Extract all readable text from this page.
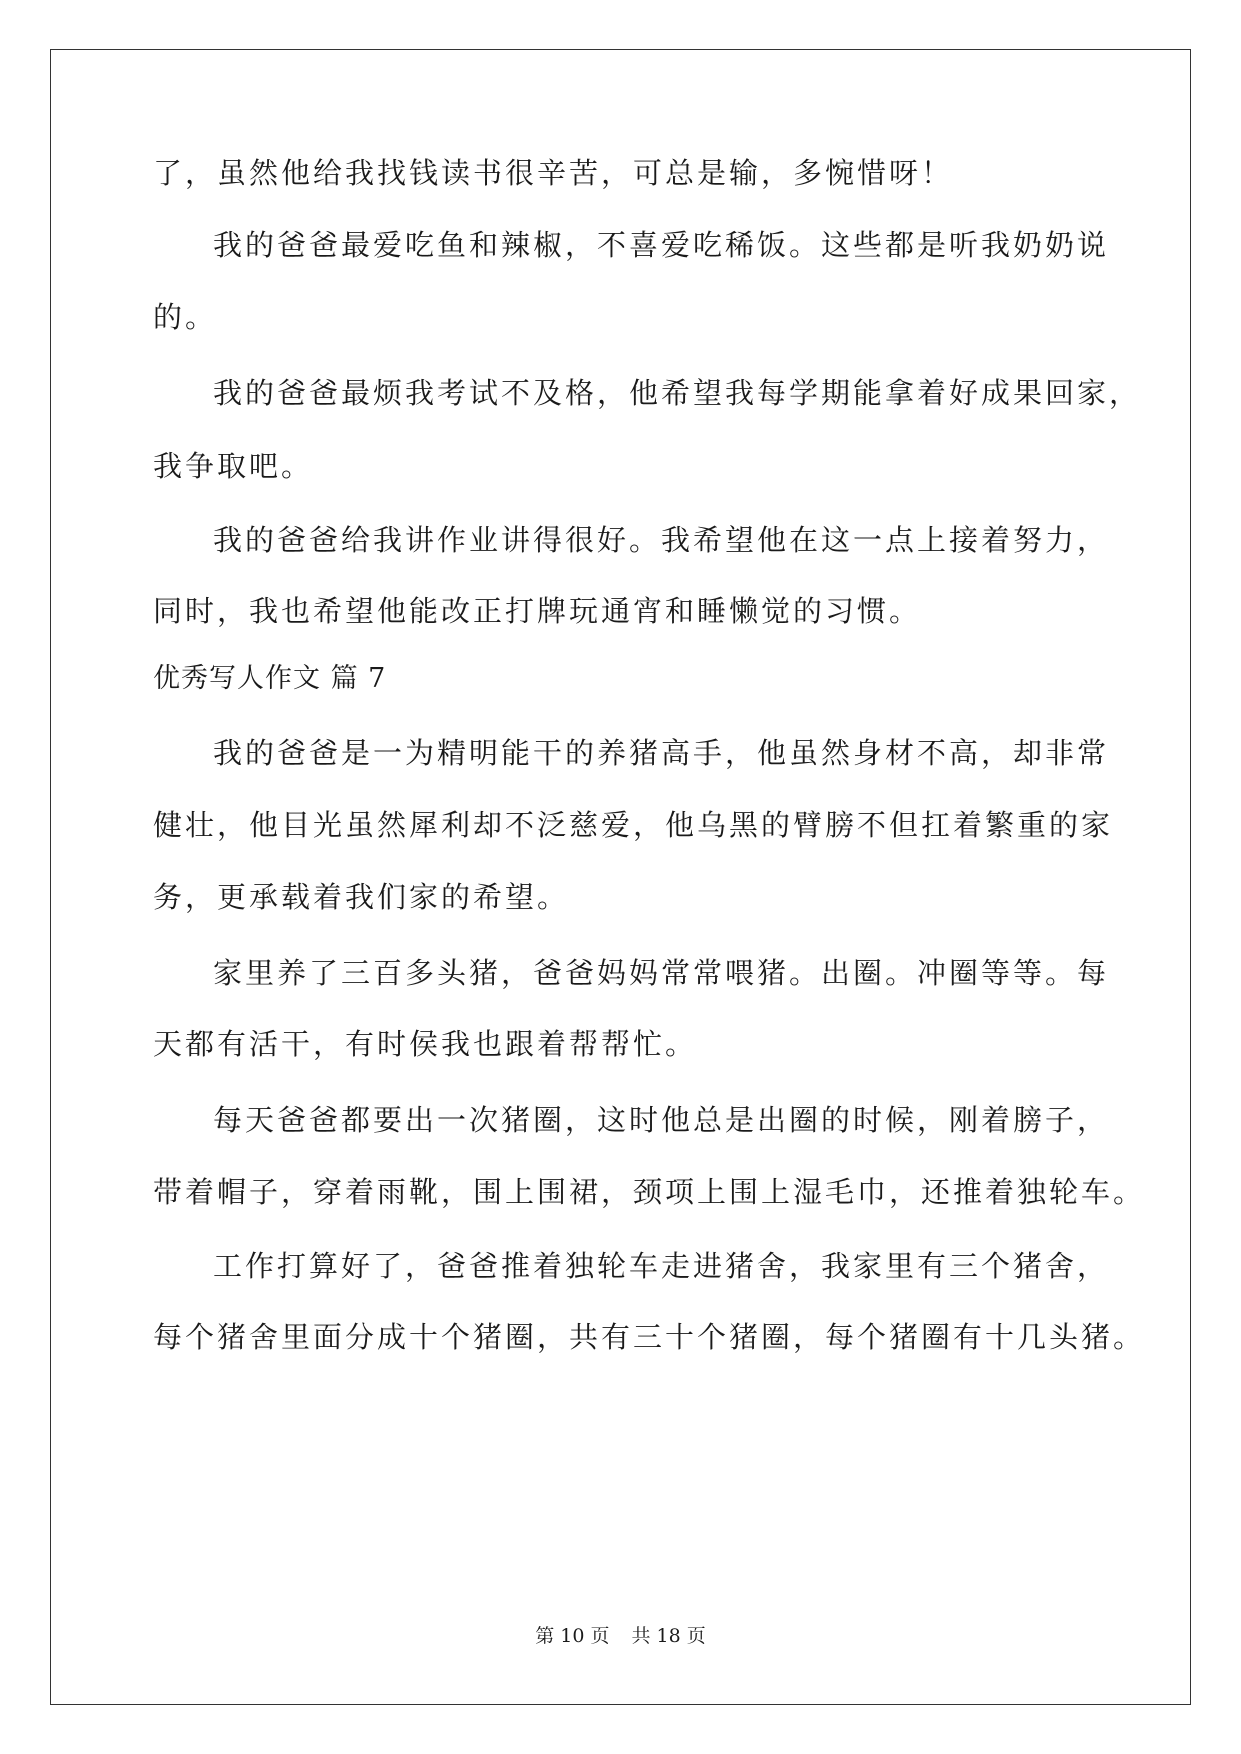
了，虽然他给我找钱读书很辛苦，可总是输，多惋惜呀！
我的爸爸最爱吃鱼和辣椒，不喜爱吃稀饭。这些都是听我奶奶说
的。
我的爸爸最烦我考试不及格，他希望我每学期能拿着好成果回家，
我争取吧。
我的爸爸给我讲作业讲得很好。我希望他在这一点上接着努力，
同时，我也希望他能改正打牌玩通宵和睡懒觉的习惯。
优秀写人作文 篇 7
我的爸爸是一为精明能干的养猪高手，他虽然身材不高，却非常
健壮，他目光虽然犀利却不泛慈爱，他乌黑的臂膀不但扛着繁重的家
务，更承载着我们家的希望。
家里养了三百多头猪，爸爸妈妈常常喂猪。出圈。冲圈等等。每
天都有活干，有时侯我也跟着帮帮忙。
每天爸爸都要出一次猪圈，这时他总是出圈的时候，刚着膀子，
带着帽子，穿着雨靴，围上围裙，颈项上围上湿毛巾，还推着独轮车。
工作打算好了，爸爸推着独轮车走进猪舍，我家里有三个猪舍，
每个猪舍里面分成十个猪圈，共有三十个猪圈，每个猪圈有十几头猪。
第 10 页 共 18 页
